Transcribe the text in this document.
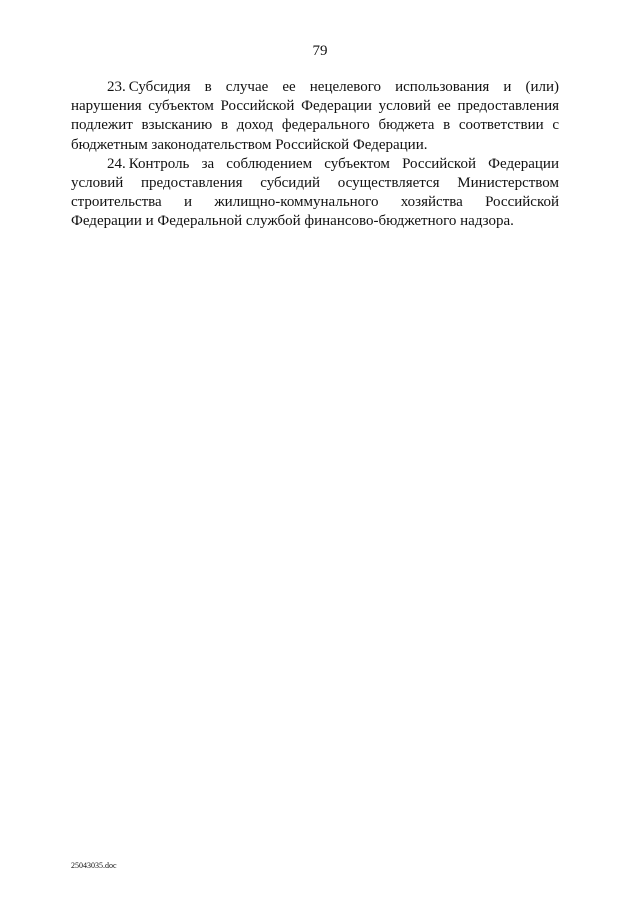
79

23. Субсидия в случае ее нецелевого использования и (или) нарушения субъектом Российской Федерации условий ее предоставления подлежит взысканию в доход федерального бюджета в соответствии с бюджетным законодательством Российской Федерации.

24. Контроль за соблюдением субъектом Российской Федерации условий предоставления субсидий осуществляется Министерством строительства и жилищно-коммунального хозяйства Российской Федерации и Федеральной службой финансово-бюджетного надзора.

25043035.doc
